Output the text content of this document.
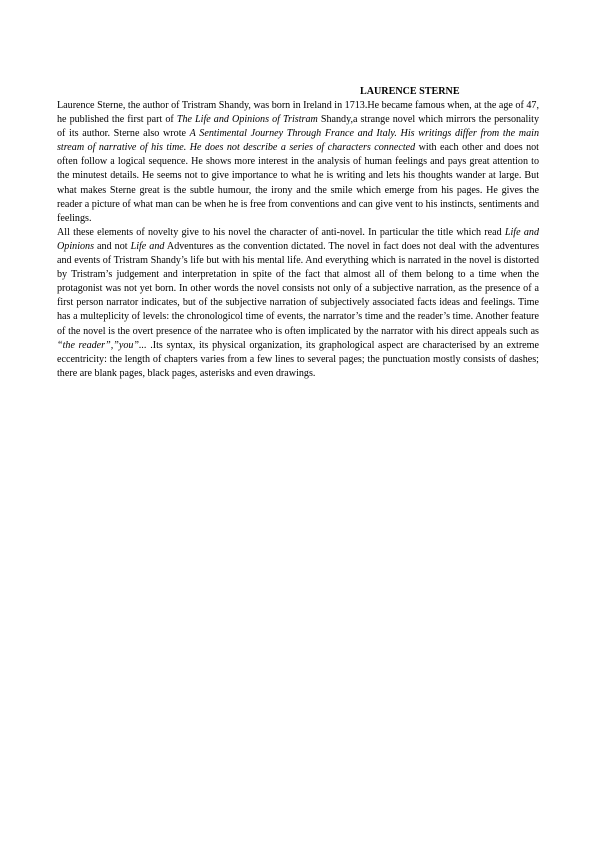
LAURENCE STERNE

Laurence Sterne, the author of Tristram Shandy, was born in Ireland in 1713.He became famous when, at the age of 47, he published the first part of The Life and Opinions of Tristram Shandy,a strange novel which mirrors the personality of its author. Sterne also wrote A Sentimental Journey Through France and Italy. His writings differ from the main stream of narrative of his time. He does not describe a series of characters connected with each other and does not often follow a logical sequence. He shows more interest in the analysis of human feelings and pays great attention to the minutest details. He seems not to give importance to what he is writing and lets his thoughts wander at large. But what makes Sterne great is the subtle humour, the irony and the smile which emerge from his pages. He gives the reader a picture of what man can be when he is free from conventions and can give vent to his instincts, sentiments and feelings.

All these elements of novelty give to his novel the character of anti-novel. In particular the title which read Life and Opinions and not Life and Adventures as the convention dictated. The novel in fact does not deal with the adventures and events of Tristram Shandy’s life but with his mental life. And everything which is narrated in the novel is distorted by Tristram’s judgement and interpretation in spite of the fact that almost all of them belong to a time when the protagonist was not yet born. In other words the novel consists not only of a subjective narration, as the presence of a first person narrator indicates, but of the subjective narration of subjectively associated facts ideas and feelings. Time has a multeplicity of levels: the chronologicol time of events, the narrator’s time and the reader’s time. Another feature of the novel is the overt presence of the narratee who is often implicated by the narrator with his direct appeals such as “the reader”,”you”... .Its syntax, its physical organization, its graphological aspect are characterised by an extreme eccentricity: the length of chapters varies from a few lines to several pages; the punctuation mostly consists of dashes; there are blank pages, black pages, asterisks and even drawings.
